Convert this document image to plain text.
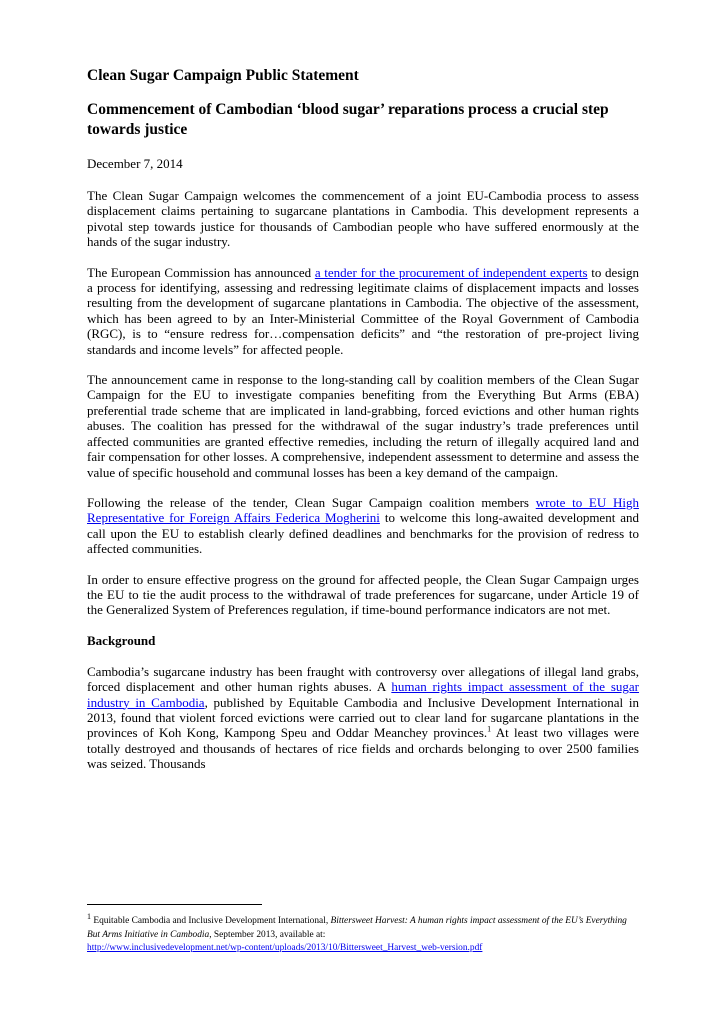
Clean Sugar Campaign Public Statement
Commencement of Cambodian ‘blood sugar’ reparations process a crucial step towards justice
December 7, 2014

The Clean Sugar Campaign welcomes the commencement of a joint EU-Cambodia process to assess displacement claims pertaining to sugarcane plantations in Cambodia. This development represents a pivotal step towards justice for thousands of Cambodian people who have suffered enormously at the hands of the sugar industry.

The European Commission has announced a tender for the procurement of independent experts to design a process for identifying, assessing and redressing legitimate claims of displacement impacts and losses resulting from the development of sugarcane plantations in Cambodia. The objective of the assessment, which has been agreed to by an Inter-Ministerial Committee of the Royal Government of Cambodia (RGC), is to “ensure redress for…compensation deficits” and “the restoration of pre-project living standards and income levels” for affected people.

The announcement came in response to the long-standing call by coalition members of the Clean Sugar Campaign for the EU to investigate companies benefiting from the Everything But Arms (EBA) preferential trade scheme that are implicated in land-grabbing, forced evictions and other human rights abuses. The coalition has pressed for the withdrawal of the sugar industry’s trade preferences until affected communities are granted effective remedies, including the return of illegally acquired land and fair compensation for other losses. A comprehensive, independent assessment to determine and assess the value of specific household and communal losses has been a key demand of the campaign.

Following the release of the tender, Clean Sugar Campaign coalition members wrote to EU High Representative for Foreign Affairs Federica Mogherini to welcome this long-awaited development and call upon the EU to establish clearly defined deadlines and benchmarks for the provision of redress to affected communities.

In order to ensure effective progress on the ground for affected people, the Clean Sugar Campaign urges the EU to tie the audit process to the withdrawal of trade preferences for sugarcane, under Article 19 of the Generalized System of Preferences regulation, if time-bound performance indicators are not met.

Background

Cambodia’s sugarcane industry has been fraught with controversy over allegations of illegal land grabs, forced displacement and other human rights abuses. A human rights impact assessment of the sugar industry in Cambodia, published by Equitable Cambodia and Inclusive Development International in 2013, found that violent forced evictions were carried out to clear land for sugarcane plantations in the provinces of Koh Kong, Kampong Speu and Oddar Meanchey provinces.$^1$ At least two villages were totally destroyed and thousands of hectares of rice fields and orchards belonging to over 2500 families was seized. Thousands

$^1$ Equitable Cambodia and Inclusive Development International, Bittersweet Harvest: A human rights impact assessment of the EU’s Everything But Arms Initiative in Cambodia, September 2013, available at:
http://www.inclusivedevelopment.net/wp-content/uploads/2013/10/Bittersweet_Harvest_web-version.pdf
